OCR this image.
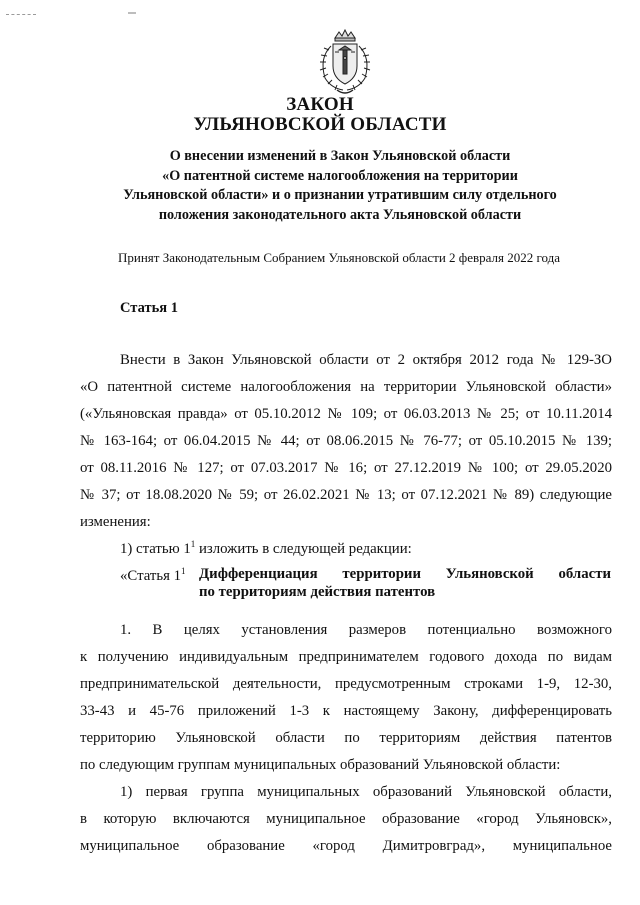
ЗАКОН
УЛЬЯНОВСКОЙ ОБЛАСТИ
О внесении изменений в Закон Ульяновской области
«О патентной системе налогообложения на территории
Ульяновской области» и о признании утратившим силу отдельного
положения законодательного акта Ульяновской области
Принят Законодательным Собранием Ульяновской области 2 февраля 2022 года
Статья 1
Внести в Закон Ульяновской области от 2 октября 2012 года № 129-ЗО
«О патентной системе налогообложения на территории Ульяновской области»
(«Ульяновская правда» от 05.10.2012 № 109; от 06.03.2013 № 25; от 10.11.2014
№ 163-164; от 06.04.2015 № 44; от 08.06.2015 № 76-77; от 05.10.2015 № 139;
от 08.11.2016 № 127; от 07.03.2017 № 16; от 27.12.2019 № 100; от 29.05.2020
№ 37; от 18.08.2020 № 59; от 26.02.2021 № 13; от 07.12.2021 № 89) следующие
изменения:
1) статью $1^1$ изложить в следующей редакции:
«Статья $1^1$ Дифференциация территории Ульяновской области
по территориям действия патентов
1. В целях установления размеров потенциально возможного
к получению индивидуальным предпринимателем годового дохода по видам
предпринимательской деятельности, предусмотренным строками 1-9, 12-30,
33-43 и 45-76 приложений 1-3 к настоящему Закону, дифференцировать
территорию Ульяновской области по территориям действия патентов
по следующим группам муниципальных образований Ульяновской области:
1) первая группа муниципальных образований Ульяновской области,
в которую включаются муниципальное образование «город Ульяновск»,
муниципальное образование «город Димитровград», муниципальное
